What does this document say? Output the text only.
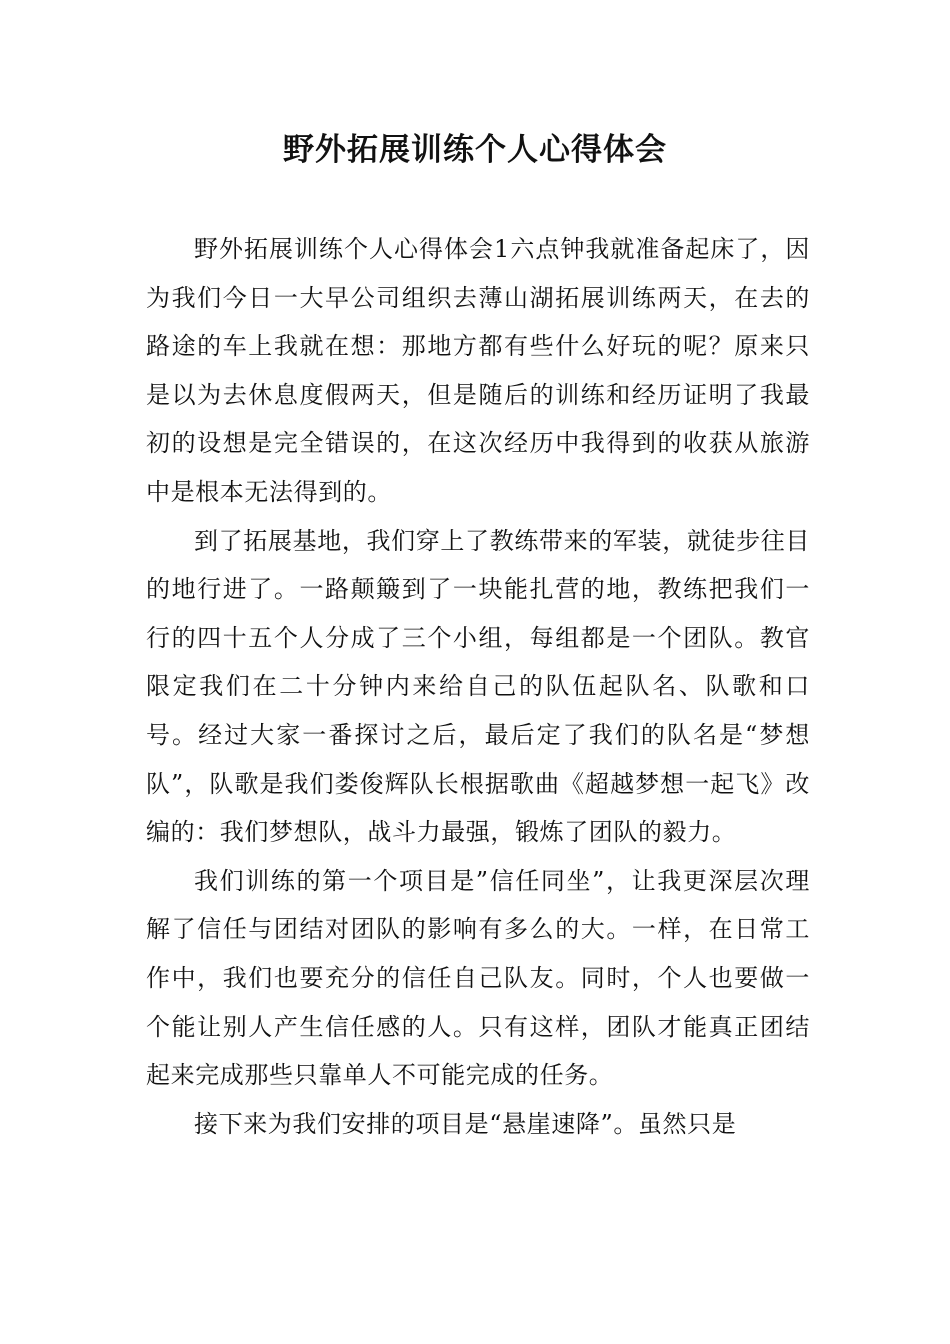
野外拓展训练个人心得体会

野外拓展训练个人心得体会1六点钟我就准备起床了，因为我们今日一大早公司组织去薄山湖拓展训练两天，在去的路途的车上我就在想：那地方都有些什么好玩的呢？原来只是以为去休息度假两天，但是随后的训练和经历证明了我最初的设想是完全错误的，在这次经历中我得到的收获从旅游中是根本无法得到的。

到了拓展基地，我们穿上了教练带来的军装，就徒步往目的地行进了。一路颠簸到了一块能扎营的地，教练把我们一行的四十五个人分成了三个小组，每组都是一个团队。教官限定我们在二十分钟内来给自己的队伍起队名、队歌和口号。经过大家一番探讨之后，最后定了我们的队名是“梦想队”，队歌是我们娄俊辉队长根据歌曲《超越梦想一起飞》改编的：我们梦想队，战斗力最强，锻炼了团队的毅力。

我们训练的第一个项目是”信任同坐”，让我更深层次理解了信任与团结对团队的影响有多么的大。一样，在日常工作中，我们也要充分的信任自己队友。同时，个人也要做一个能让别人产生信任感的人。只有这样，团队才能真正团结起来完成那些只靠单人不可能完成的任务。

接下来为我们安排的项目是“悬崖速降”。虽然只是
